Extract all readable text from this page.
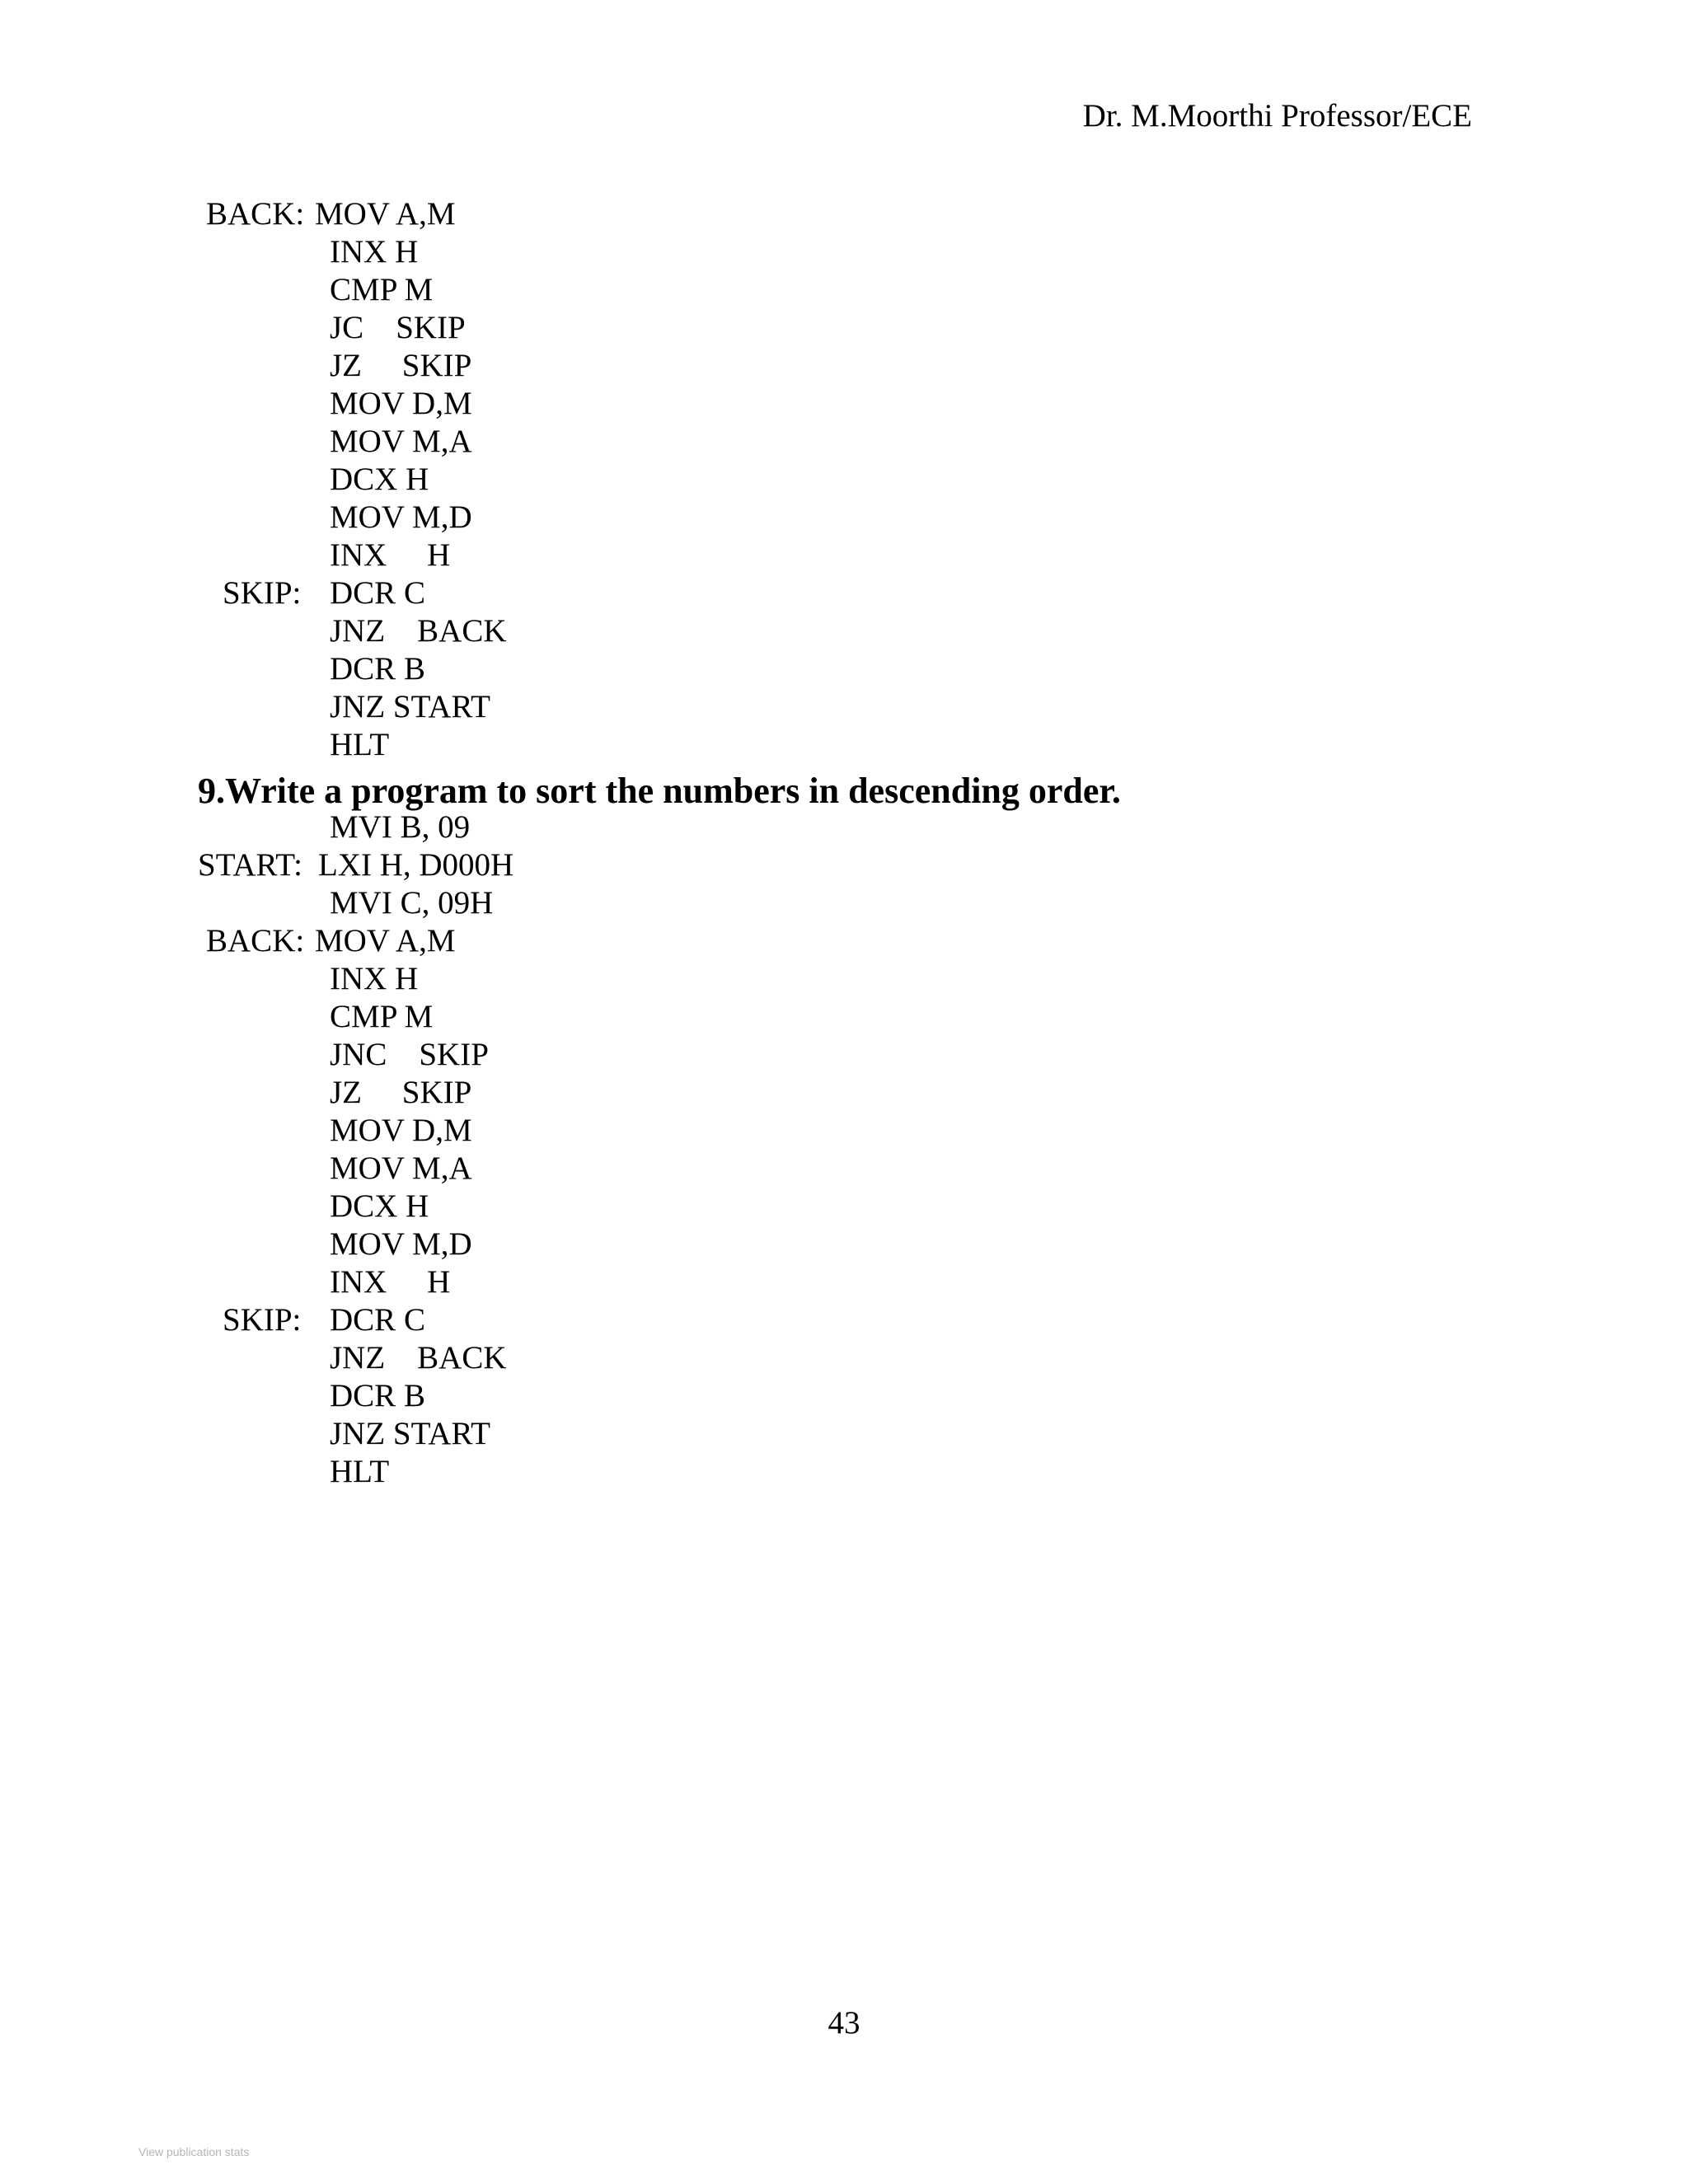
Dr. M.Moorthi Professor/ECE
BACK: MOV A,M
INX H
CMP M
JC    SKIP
JZ     SKIP
MOV D,M
MOV M,A
DCX H
MOV M,D
INX     H
SKIP: DCR C
JNZ    BACK
DCR B
JNZ START
HLT
9.Write a program to sort the numbers in descending order.
MVI B, 09
START: LXI H, D000H
MVI C, 09H
BACK: MOV A,M
INX H
CMP M
JNC    SKIP
JZ     SKIP
MOV D,M
MOV M,A
DCX H
MOV M,D
INX     H
SKIP: DCR C
JNZ    BACK
DCR B
JNZ START
HLT
43
View publication stats
